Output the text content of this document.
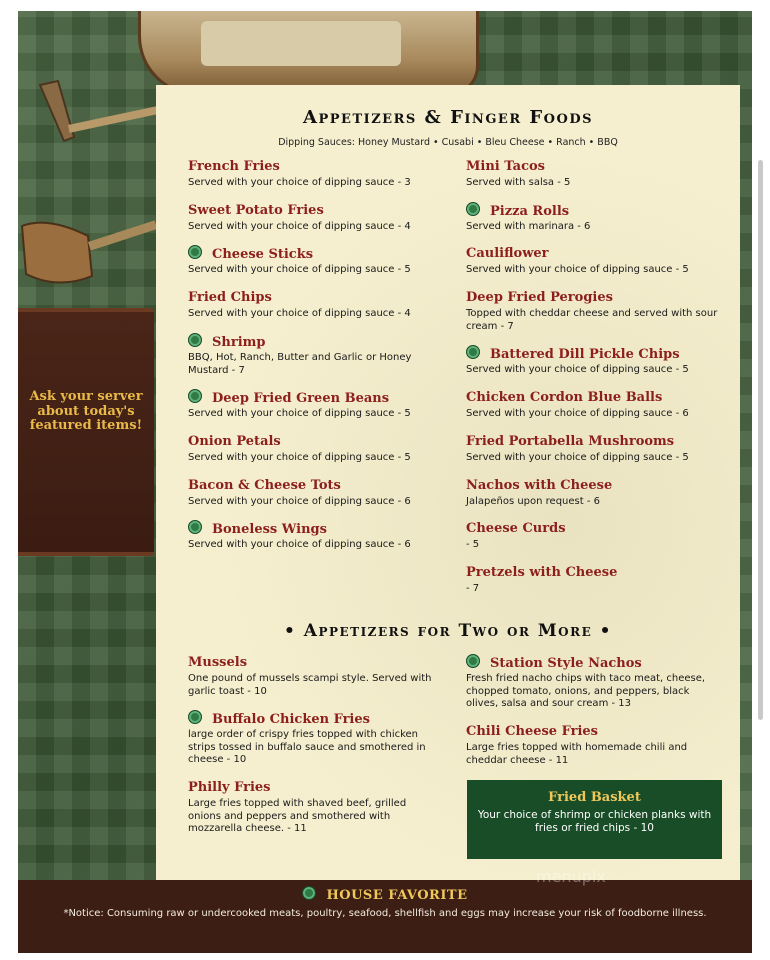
Ask your server about today's featured items!
Appetizers & Finger Foods
Dipping Sauces: Honey Mustard • Cusabi • Bleu Cheese • Ranch • BBQ
French Fries
Served with your choice of dipping sauce - 3
Sweet Potato Fries
Served with your choice of dipping sauce - 4
Cheese Sticks
Served with your choice of dipping sauce - 5
Fried Chips
Served with your choice of dipping sauce - 4
Shrimp
BBQ, Hot, Ranch, Butter and Garlic or Honey Mustard - 7
Deep Fried Green Beans
Served with your choice of dipping sauce - 5
Onion Petals
Served with your choice of dipping sauce - 5
Bacon & Cheese Tots
Served with your choice of dipping sauce - 6
Boneless Wings
Served with your choice of dipping sauce - 6
Mini Tacos
Served with salsa - 5
Pizza Rolls
Served with marinara - 6
Cauliflower
Served with your choice of dipping sauce - 5
Deep Fried Perogies
Topped with cheddar cheese and served with sour cream - 7
Battered Dill Pickle Chips
Served with your choice of dipping sauce - 5
Chicken Cordon Blue Balls
Served with your choice of dipping sauce - 6
Fried Portabella Mushrooms
Served with your choice of dipping sauce - 5
Nachos with Cheese
Jalapeños upon request - 6
Cheese Curds
- 5
Pretzels with Cheese
- 7
• Appetizers for Two or More •
Mussels
One pound of mussels scampi style. Served with garlic toast - 10
Buffalo Chicken Fries
large order of crispy fries topped with chicken strips tossed in buffalo sauce and smothered in cheese - 10
Philly Fries
Large fries topped with shaved beef, grilled onions and peppers and smothered with mozzarella cheese. - 11
Station Style Nachos
Fresh fried nacho chips with taco meat, cheese, chopped tomato, onions, and peppers, black olives, salsa and sour cream - 13
Chili Cheese Fries
Large fries topped with homemade chili and cheddar cheese - 11
Fried Basket
Your choice of shrimp or chicken planks with fries or fried chips - 10
HOUSE FAVORITE
*Notice: Consuming raw or undercooked meats, poultry, seafood, shellfish and eggs may increase your risk of foodborne illness.
menupix
